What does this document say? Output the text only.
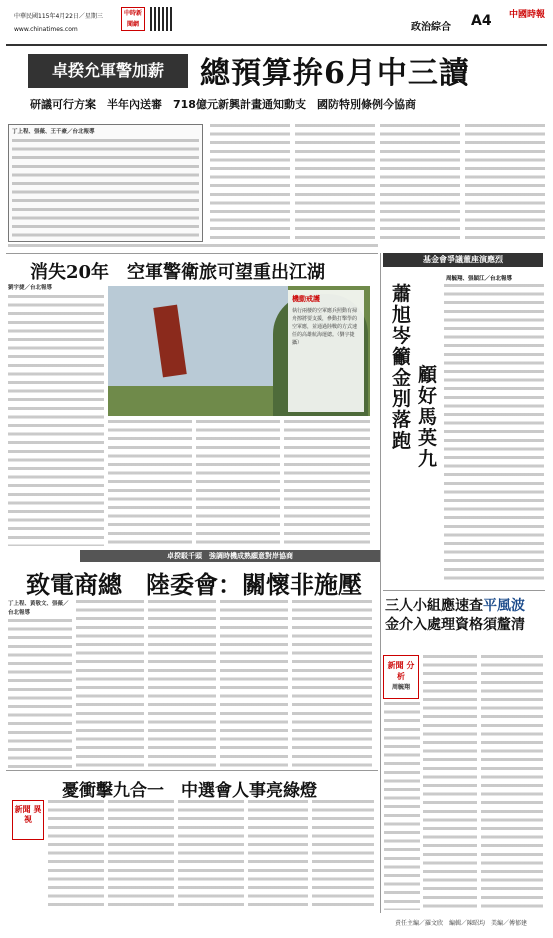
中華民國115年4月22日／星期三
www.chinatimes.com
中時新聞網	政治綜合 A4	中國時報
卓揆允軍警加薪	總預算拚6月中三讀
研議可行方案　半年內送審　718億元新興計畫通知動支　國防特別條例今協商
丁上程、張薇、王千豪／台北報導
消失20年　空軍警衛旅可望重出江湖
劉宇捷／台北報導
機動戒護
執行兩棲的空軍應兵照動有掃舟擦將要支援，參動打擊學的空軍應，並通過陸戰的方式速任的高雄航海運總。（劉宇捷攝）
卓揆駁千頭　強調時機成熟願意對岸協商
致電商總　陸委會：關懷非施壓
丁上程、黃敬文、張薇／台北報導
憂衝擊九合一　中選會人事亮綠燈
新聞 異視
基金會爭議董座演應烈
周毓翔、張穎江／台北報導
蕭旭岑籲金別落跑
顧好馬英九
三人小組應速查平風波
金介入處理資格須釐清
新聞 分析
周毓翔
責任主編／羅文欣　編輯／陳昭均　美編／傅郁建
